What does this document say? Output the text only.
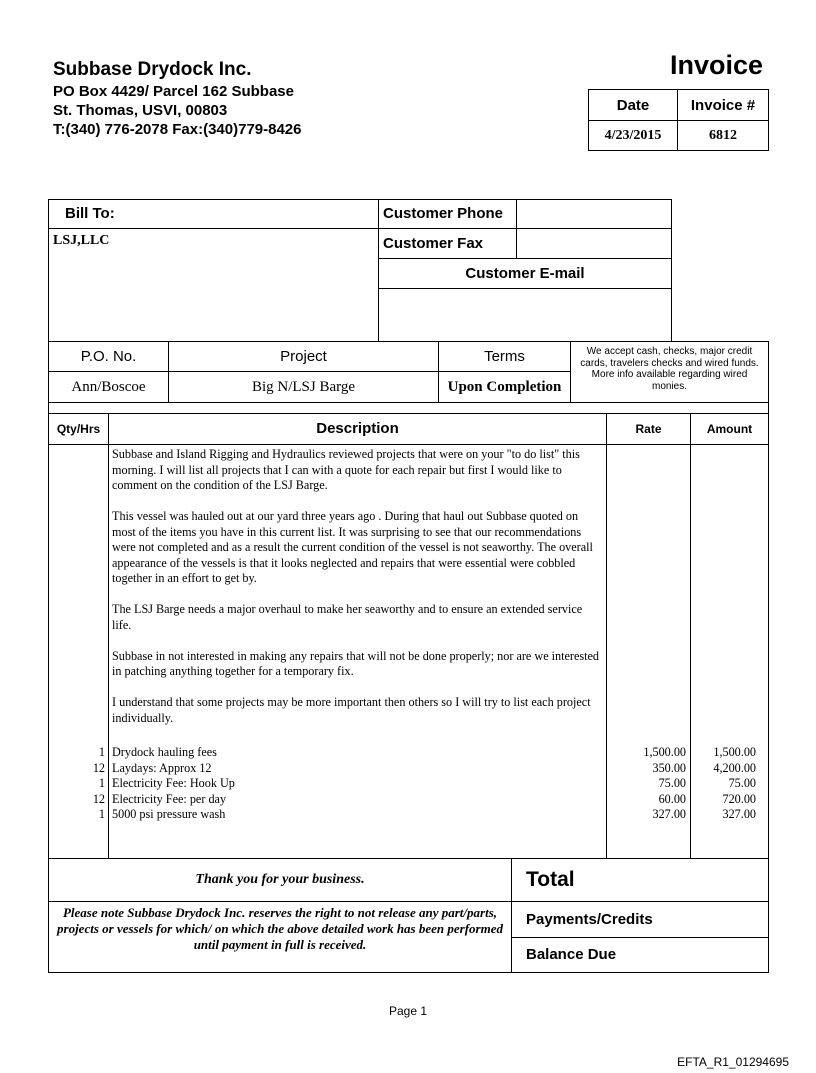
Subbase Drydock Inc.
PO Box 4429/ Parcel 162 Subbase
St. Thomas, USVI, 00803
T:(340) 776-2078 Fax:(340)779-8426
Invoice
Date	Invoice #
4/23/2015	6812
Bill To:
LSJ,LLC
Customer Phone
Customer Fax
Customer E-mail
P.O. No.	Project	Terms	We accept cash, checks, major credit cards, travelers checks and wired funds. More info available regarding wired monies.
Ann/Boscoe	Big N/LSJ Barge	Upon Completion
Qty/Hrs	Description	Rate	Amount

Subbase and Island Rigging and Hydraulics reviewed projects that were on your "to do list" this morning. I will list all projects that I can with a quote for each repair but first I would like to comment on the condition of the LSJ Barge.

This vessel was hauled out at our yard three years ago . During that haul out Subbase quoted on most of the items you have in this current list. It was surprising to see that our recommendations were not completed and as a result the current condition of the vessel is not seaworthy. The overall appearance of the vessels is that it looks neglected and repairs that were essential were cobbled together in an effort to get by.

The LSJ Barge needs a major overhaul to make her seaworthy and to ensure an extended service life.

Subbase in not interested in making any repairs that will not be done properly; nor are we interested in patching anything together for a temporary fix.

I understand that some projects may be more important then others so I will try to list each project individually.

1 Drydock hauling fees	1,500.00 1,500.00
12 Laydays: Approx 12	350.00 4,200.00
1 Electricity Fee: Hook Up	75.00	75.00
12 Electricity Fee: per day	60.00	720.00
1 5000 psi pressure wash	327.00	327.00
Thank you for your business.
Please note Subbase Drydock Inc. reserves the right to not release any part/parts, projects or vessels for which/ on which the above detailed work has been performed until payment in full is received.
Total
Payments/Credits
Balance Due
Page 1
EFTA_R1_01294695
